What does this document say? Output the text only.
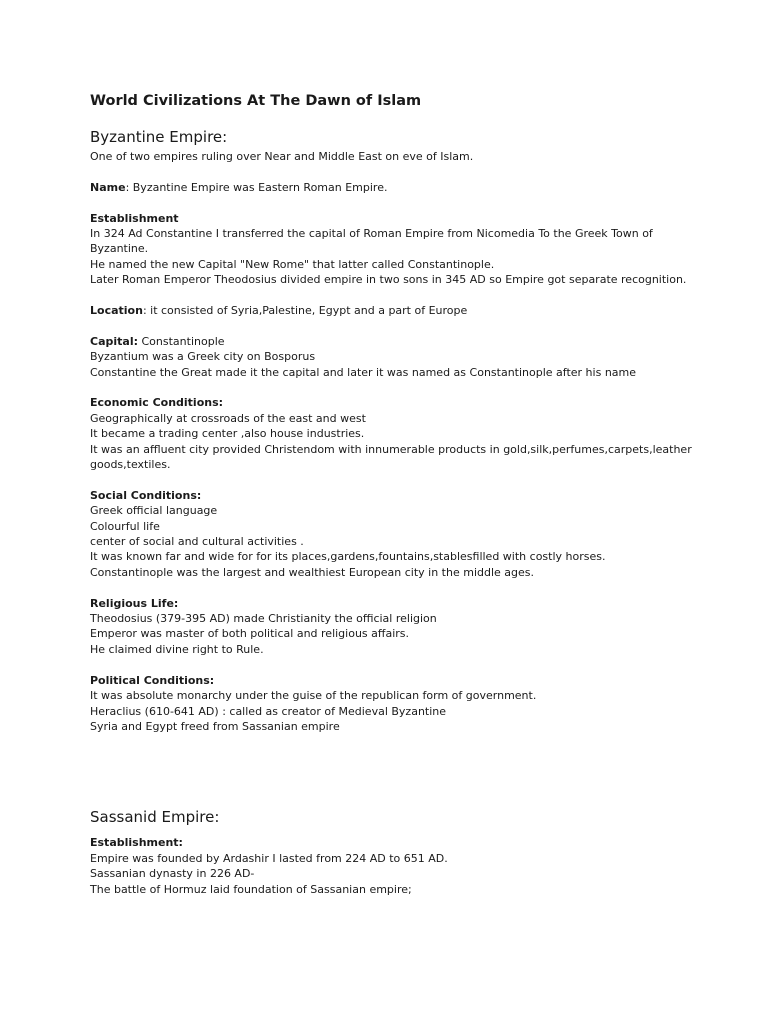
World Civilizations At The Dawn of Islam
Byzantine Empire:

One of two empires ruling over Near and Middle East on eve of Islam.

Name: Byzantine Empire was Eastern Roman Empire.

Establishment

In 324 Ad Constantine I transferred the capital of Roman Empire from Nicomedia To the Greek Town of

Byzantine.

He named the new Capital "New Rome" that latter called Constantinople.

Later Roman Emperor Theodosius divided empire in two sons in 345 AD so Empire got separate recognition.

Location: it consisted of Syria,Palestine, Egypt and a part of Europe

Capital: Constantinople

Byzantium was a Greek city on Bosporus

Constantine the Great made it the capital and later it was named as Constantinople after his name

Economic Conditions:

Geographically at crossroads of the east and west

It became a trading center ,also house industries.

It was an affluent city provided Christendom with innumerable products in gold,silk,perfumes,carpets,leather

goods,textiles.

Social Conditions:

Greek official language

Colourful life

center of social and cultural activities .

It was known far and wide for for its places,gardens,fountains,stablesfilled with costly horses.

Constantinople was the largest and wealthiest European city in the middle ages.

Religious Life:

Theodosius (379-395 AD) made Christianity the official religion

Emperor was master of both political and religious affairs.

He claimed divine right to Rule.

Political Conditions:

It was absolute monarchy under the guise of the republican form of government.

Heraclius (610-641 AD) : called as creator of Medieval Byzantine

Syria and Egypt freed from Sassanian empire

Sassanid Empire:

Establishment:

Empire was founded by Ardashir I lasted from 224 AD to 651 AD.

Sassanian dynasty in 226 AD-

The battle of Hormuz laid foundation of Sassanian empire;
